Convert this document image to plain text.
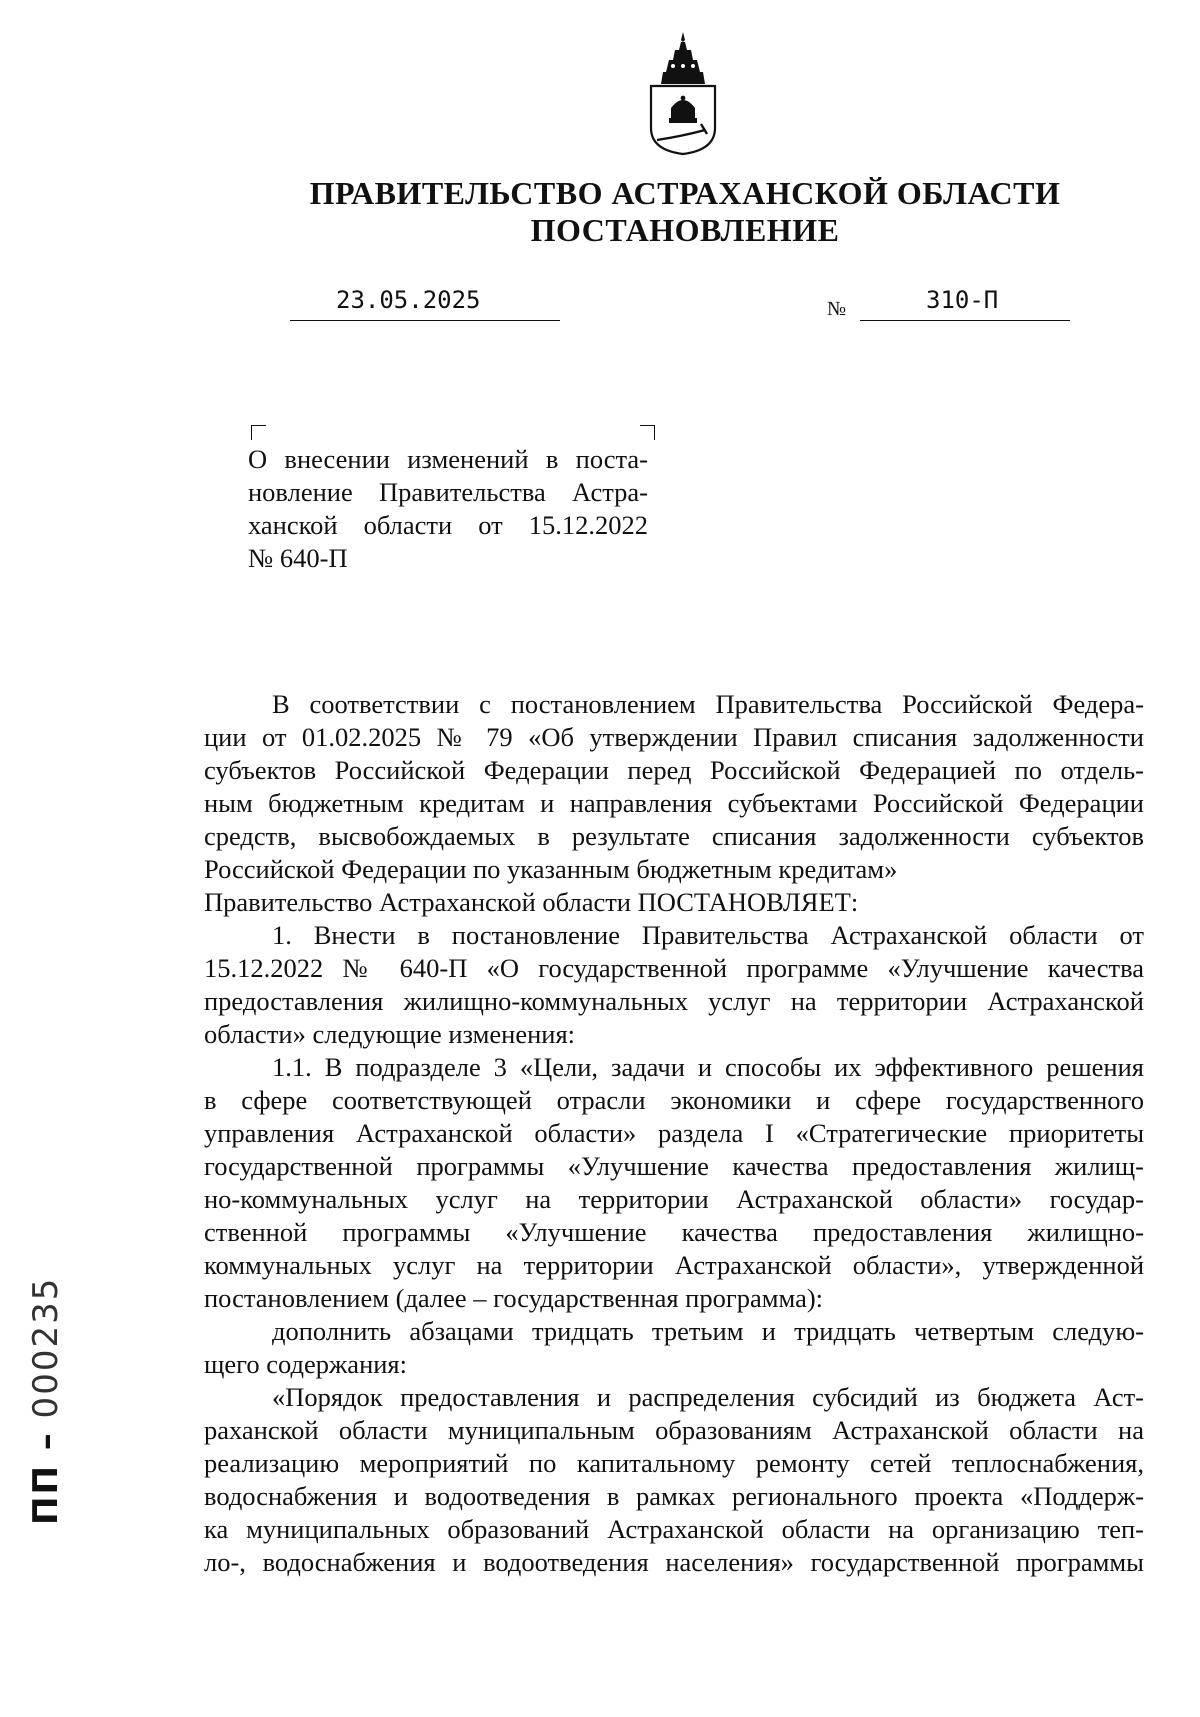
ПРАВИТЕЛЬСТВО АСТРАХАНСКОЙ ОБЛАСТИ
ПОСТАНОВЛЕНИЕ
23.05.2025	№	310-П
О внесении изменений в поста-
новление Правительства Астра-
ханской области от 15.12.2022
№ 640-П
В соответствии с постановлением Правительства Российской Федера-
ции от 01.02.2025 № 79 «Об утверждении Правил списания задолженности
субъектов Российской Федерации перед Российской Федерацией по отдель-
ным бюджетным кредитам и направления субъектами Российской Федерации
средств, высвобождаемых в результате списания задолженности субъектов
Российской Федерации по указанным бюджетным кредитам»
Правительство Астраханской области ПОСТАНОВЛЯЕТ:
1. Внести в постановление Правительства Астраханской области от
15.12.2022 № 640-П «О государственной программе «Улучшение качества
предоставления жилищно-коммунальных услуг на территории Астраханской
области» следующие изменения:
1.1. В подразделе 3 «Цели, задачи и способы их эффективного решения
в сфере соответствующей отрасли экономики и сфере государственного
управления Астраханской области» раздела I «Стратегические приоритеты
государственной программы «Улучшение качества предоставления жилищ-
но-коммунальных услуг на территории Астраханской области» государ-
ственной программы «Улучшение качества предоставления жилищно-
коммунальных услуг на территории Астраханской области», утвержденной
постановлением (далее – государственная программа):
дополнить абзацами тридцать третьим и тридцать четвертым следую-
щего содержания:
«Порядок предоставления и распределения субсидий из бюджета Аст-
раханской области муниципальным образованиям Астраханской области на
реализацию мероприятий по капитальному ремонту сетей теплоснабжения,
водоснабжения и водоотведения в рамках регионального проекта «Поддерж-
ка муниципальных образований Астраханской области на организацию теп-
ло-, водоснабжения и водоотведения населения» государственной программы
ПП – 000235
